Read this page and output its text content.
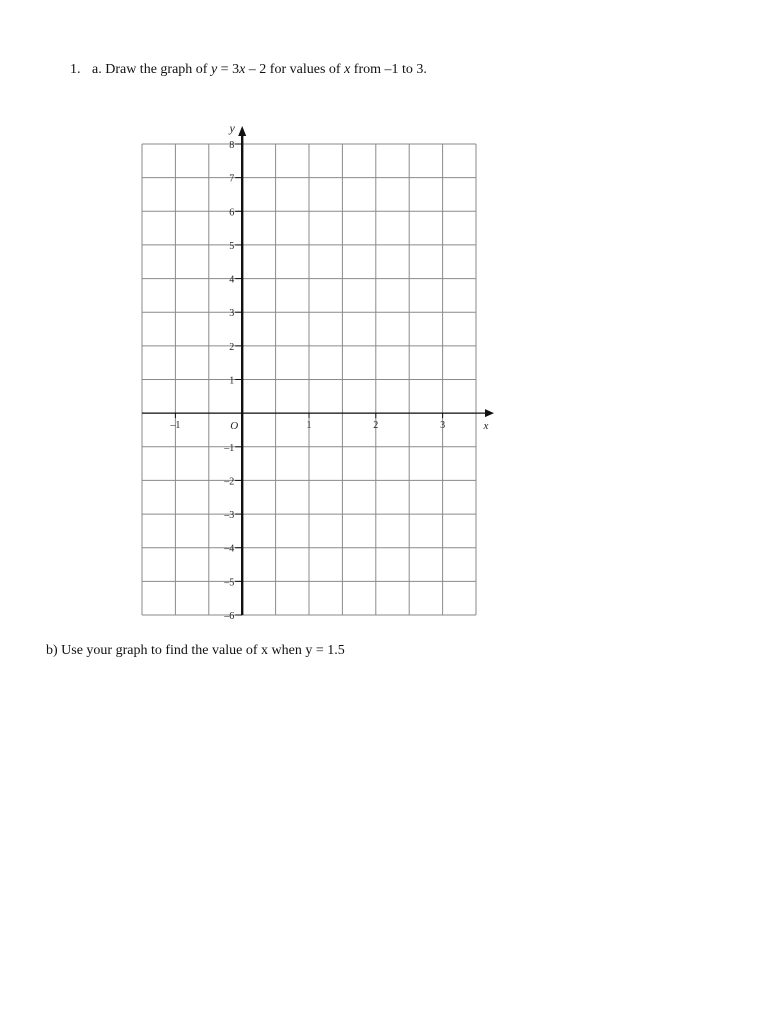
1. a. Draw the graph of y = 3x – 2 for values of x from –1 to 3.
8
7
6
5
4
3
2
1
–1
–2
–3
–4
–5
–6
–1	1	2	3
O	x
y
b) Use your graph to find the value of x when y = 1.5
